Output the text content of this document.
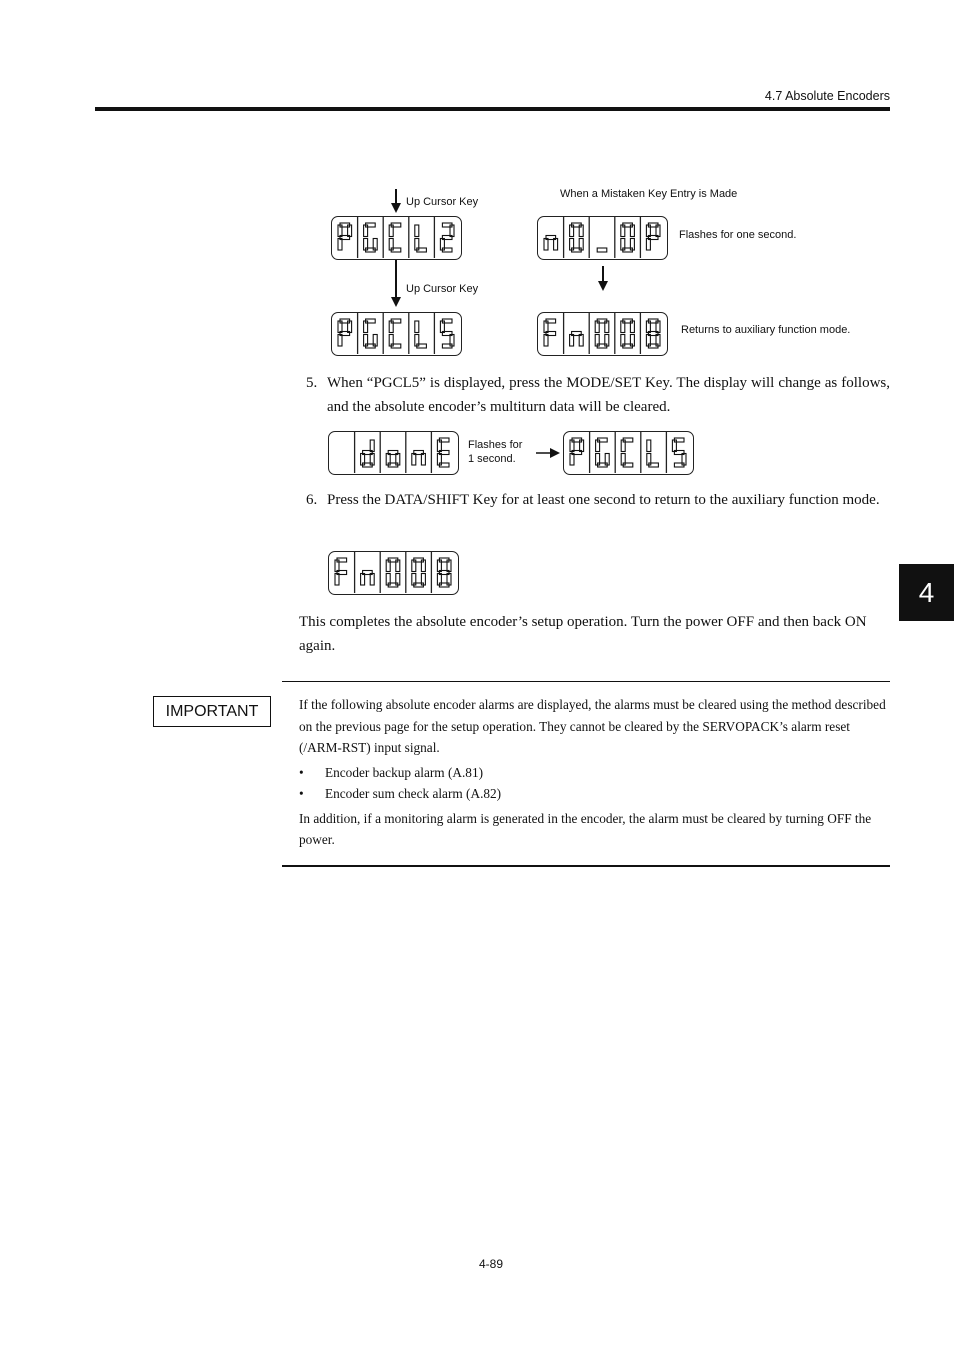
4.7 Absolute Encoders
4
Up Cursor Key
Up Cursor Key
When a Mistaken Key Entry is Made
Flashes for one second.
Returns to auxiliary function mode.
5. When “PGCL5” is displayed, press the MODE/SET Key. The display will change as follows, and the absolute encoder’s multiturn data will be cleared.
Flashes for
1 second.
6. Press the DATA/SHIFT Key for at least one second to return to the auxiliary function mode.
This completes the absolute encoder’s setup operation. Turn the power OFF and then back ON again.
IMPORTANT	If the following absolute encoder alarms are displayed, the alarms must be cleared using the method described on the previous page for the setup operation. They cannot be cleared by the SERVOPACK’s alarm reset (/ARM-RST) input signal.
• Encoder backup alarm (A.81)
• Encoder sum check alarm (A.82)
In addition, if a monitoring alarm is generated in the encoder, the alarm must be cleared by turning OFF the power.
4-89
